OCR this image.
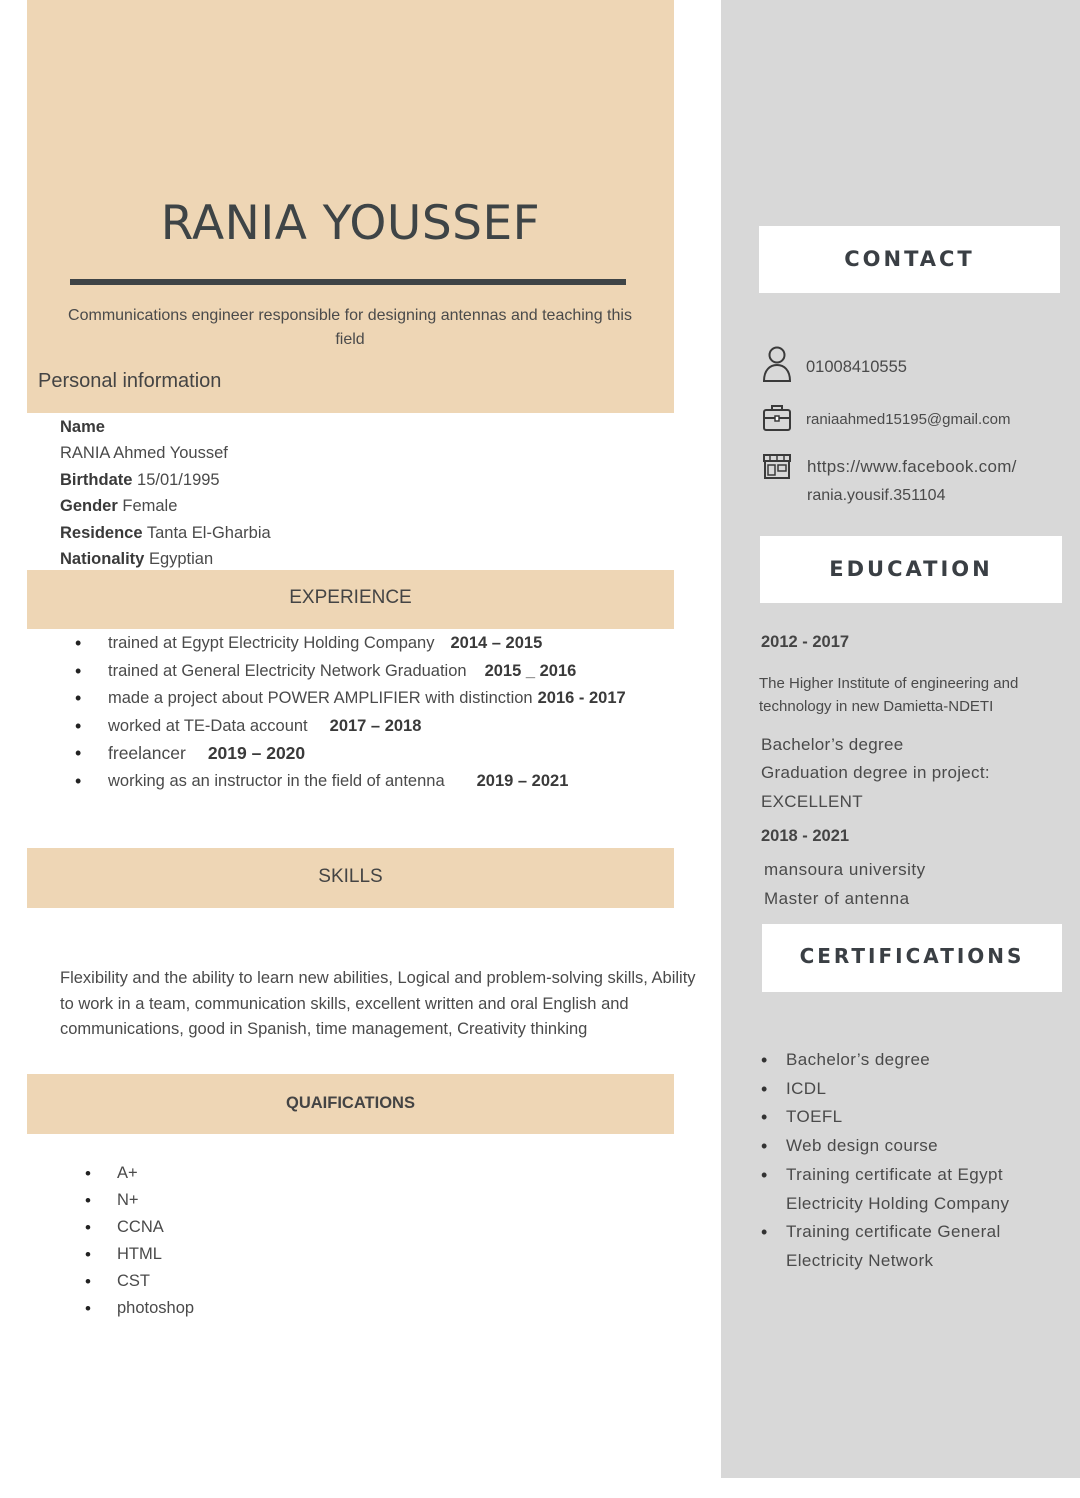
RANIA YOUSSEF
Communications engineer responsible for designing antennas and teaching this field
Personal information
Name
RANIA Ahmed Youssef
Birthdate 15/01/1995
Gender Female
Residence Tanta El-Gharbia
Nationality Egyptian
EXPERIENCE
• trained at Egypt Electricity Holding Company 2014 – 2015
• trained at General Electricity Network Graduation 2015 _ 2016
• made a project about POWER AMPLIFIER with distinction 2016 - 2017
• worked at TE-Data account 2017 – 2018
• freelancer 2019 – 2020
• working as an instructor in the field of antenna 2019 – 2021
SKILLS
Flexibility and the ability to learn new abilities, Logical and problem-solving skills, Ability to work in a team, communication skills, excellent written and oral English and communications, good in Spanish, time management, Creativity thinking
QUAIFICATIONS
• A+
• N+
• CCNA
• HTML
• CST
• photoshop
CONTACT
01008410555
raniaahmed15195@gmail.com
https://www.facebook.com/
rania.yousif.351104
EDUCATION
2012 - 2017
The Higher Institute of engineering and
technology in new Damietta-NDETI
Bachelor’s degree
Graduation degree in project:
EXCELLENT
2018 - 2021
mansoura university
Master of antenna
CERTIFICATIONS
• Bachelor’s degree
• ICDL
• TOEFL
• Web design course
• Training certificate at Egypt Electricity Holding Company
• Training certificate General Electricity Network
